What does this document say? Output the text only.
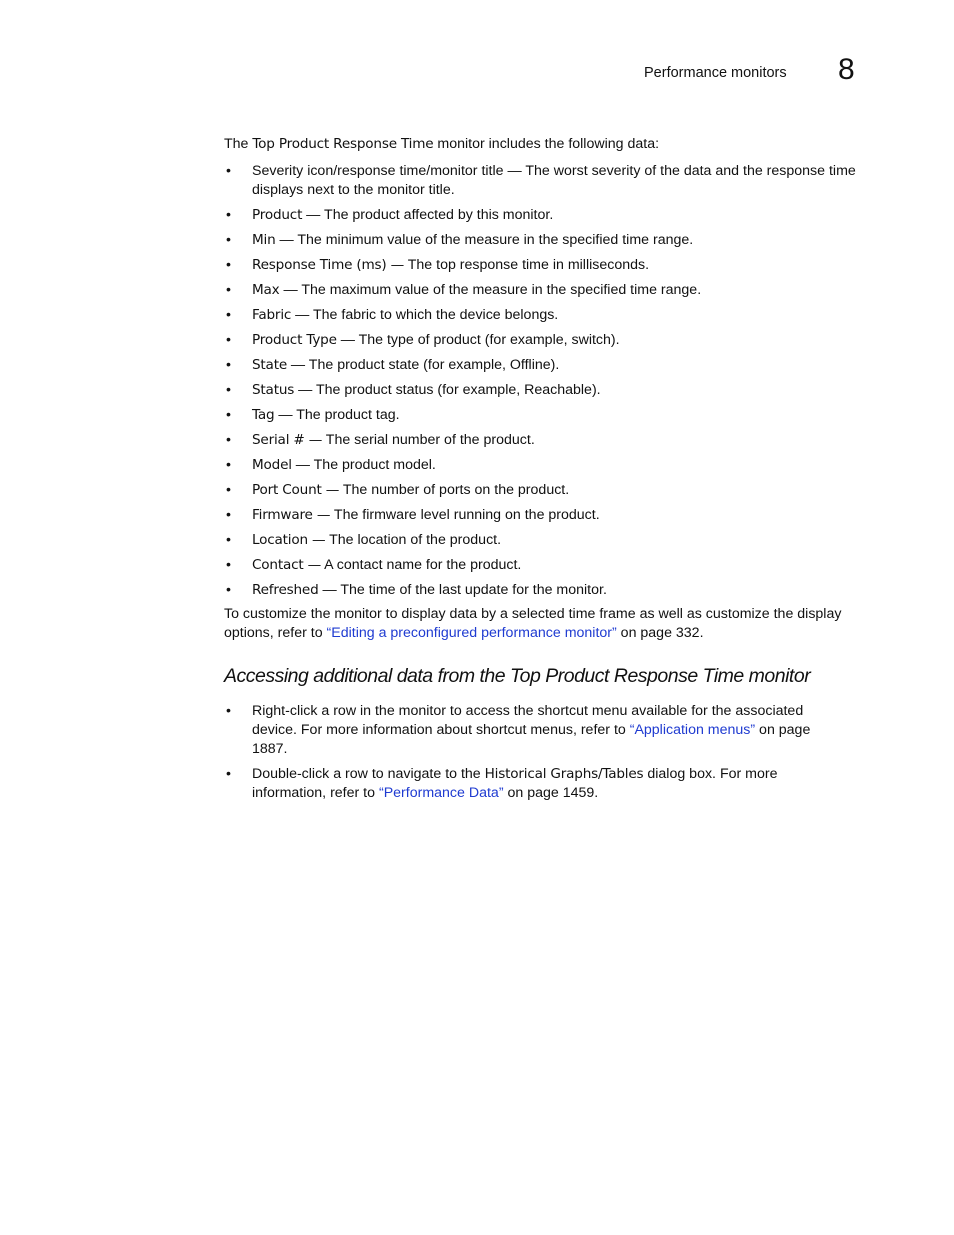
Performance monitors 8
The Top Product Response Time monitor includes the following data:
• Severity icon/response time/monitor title — The worst severity of the data and the response time displays next to the monitor title.
• Product — The product affected by this monitor.
• Min — The minimum value of the measure in the specified time range.
• Response Time (ms) — The top response time in milliseconds.
• Max — The maximum value of the measure in the specified time range.
• Fabric — The fabric to which the device belongs.
• Product Type — The type of product (for example, switch).
• State — The product state (for example, Offline).
• Status — The product status (for example, Reachable).
• Tag — The product tag.
• Serial # — The serial number of the product.
• Model — The product model.
• Port Count — The number of ports on the product.
• Firmware — The firmware level running on the product.
• Location — The location of the product.
• Contact — A contact name for the product.
• Refreshed — The time of the last update for the monitor.
To customize the monitor to display data by a selected time frame as well as customize the display options, refer to “Editing a preconfigured performance monitor” on page 332.
Accessing additional data from the Top Product Response Time monitor
• Right-click a row in the monitor to access the shortcut menu available for the associated device. For more information about shortcut menus, refer to “Application menus” on page 1887.
• Double-click a row to navigate to the Historical Graphs/Tables dialog box. For more information, refer to “Performance Data” on page 1459.
